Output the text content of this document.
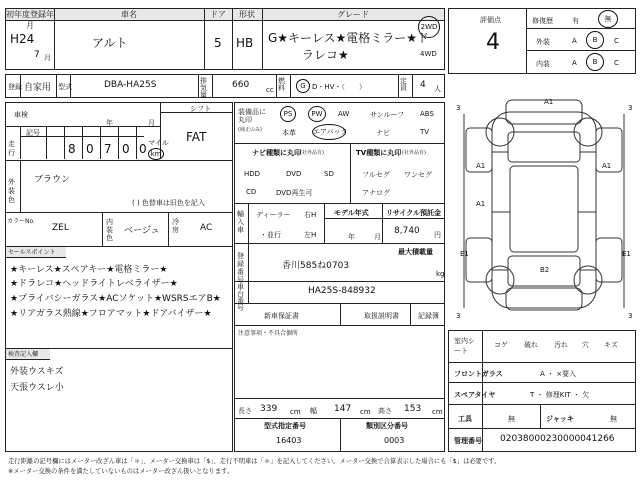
初年度登録年月
車名	ドア	形状	グレード
H24
7 月
アルト	5 HB G★キーレス★電格ミラー★ド
ラレコ★
2WD
4WD
登録 自家用 型式	DBA-HA25S	排気量
660 cc
燃料	G D・HV・（　　）
定員	4 人
車検
年	月
シフト
FAT
走行
記号
8 0 7 0 0 マイル
km
外装色
ブラウン
( ) 色替車は旧色を記入
カラーNo.
ZEL
内装色
ベージュ
冷房 AC
セールスポイント
★キーレス★スペアキー★電格ミラー★
★ドラレコ★ヘッドライトレベライザー★
★プライバシーガラス★ACソケット★WSRSエアB★
★リアガラス熱線★フロアマット★ドアバイザー★
検査記入欄
外装ウスキズ
天張ウスレ小
装備品に丸印
(純正のみ)
PS	PW	AW	サンルーフ ABS
本革 エアバック	ナビ	TV
ナビ種類に丸印 (社外品有)	TV種類に丸印 (社外品有)
HDD	DVD	SD
CD	DVD再生可
フルセグ ワンセグ
アナログ
輸入車
ディーラー
・並行
右H
左H
モデル年式
年	月
リサイクル預託金
8,740 円
登録番号
最大積載量
香川585ね0703
kg
車台番号
HA25S-848932
新車保証書	取扱説明書	記録簿
注意事項・不具合個所
長さ 339 cm 幅 147 cm 高さ 153 cm
型式指定番号
16403
類別区分番号
0003
評価点
4
修復歴	有	無
外装	A	B	C
内装	A	B	C
A1
A1
A1
A1
E1	E1
B2
3	3
3	3
室内シート
コゲ 破れ 汚れ 穴 キズ
フロントガラス	A ・ ×要入
スペアタイヤ	T ・ 修理KIT ・ 欠
工具	無	ジャッキ	無
管理番号 020380002300000412​66
走行距離の記号欄にはメーター改ざん車は「＊」、メーター交換車は「$」、走行不明車は「＊」を記入してください。メーター交換で合算表示した場合にも「$」は必要です。
※メーター交換の条件を満たしていないものはメーター改ざん扱いとなります。
